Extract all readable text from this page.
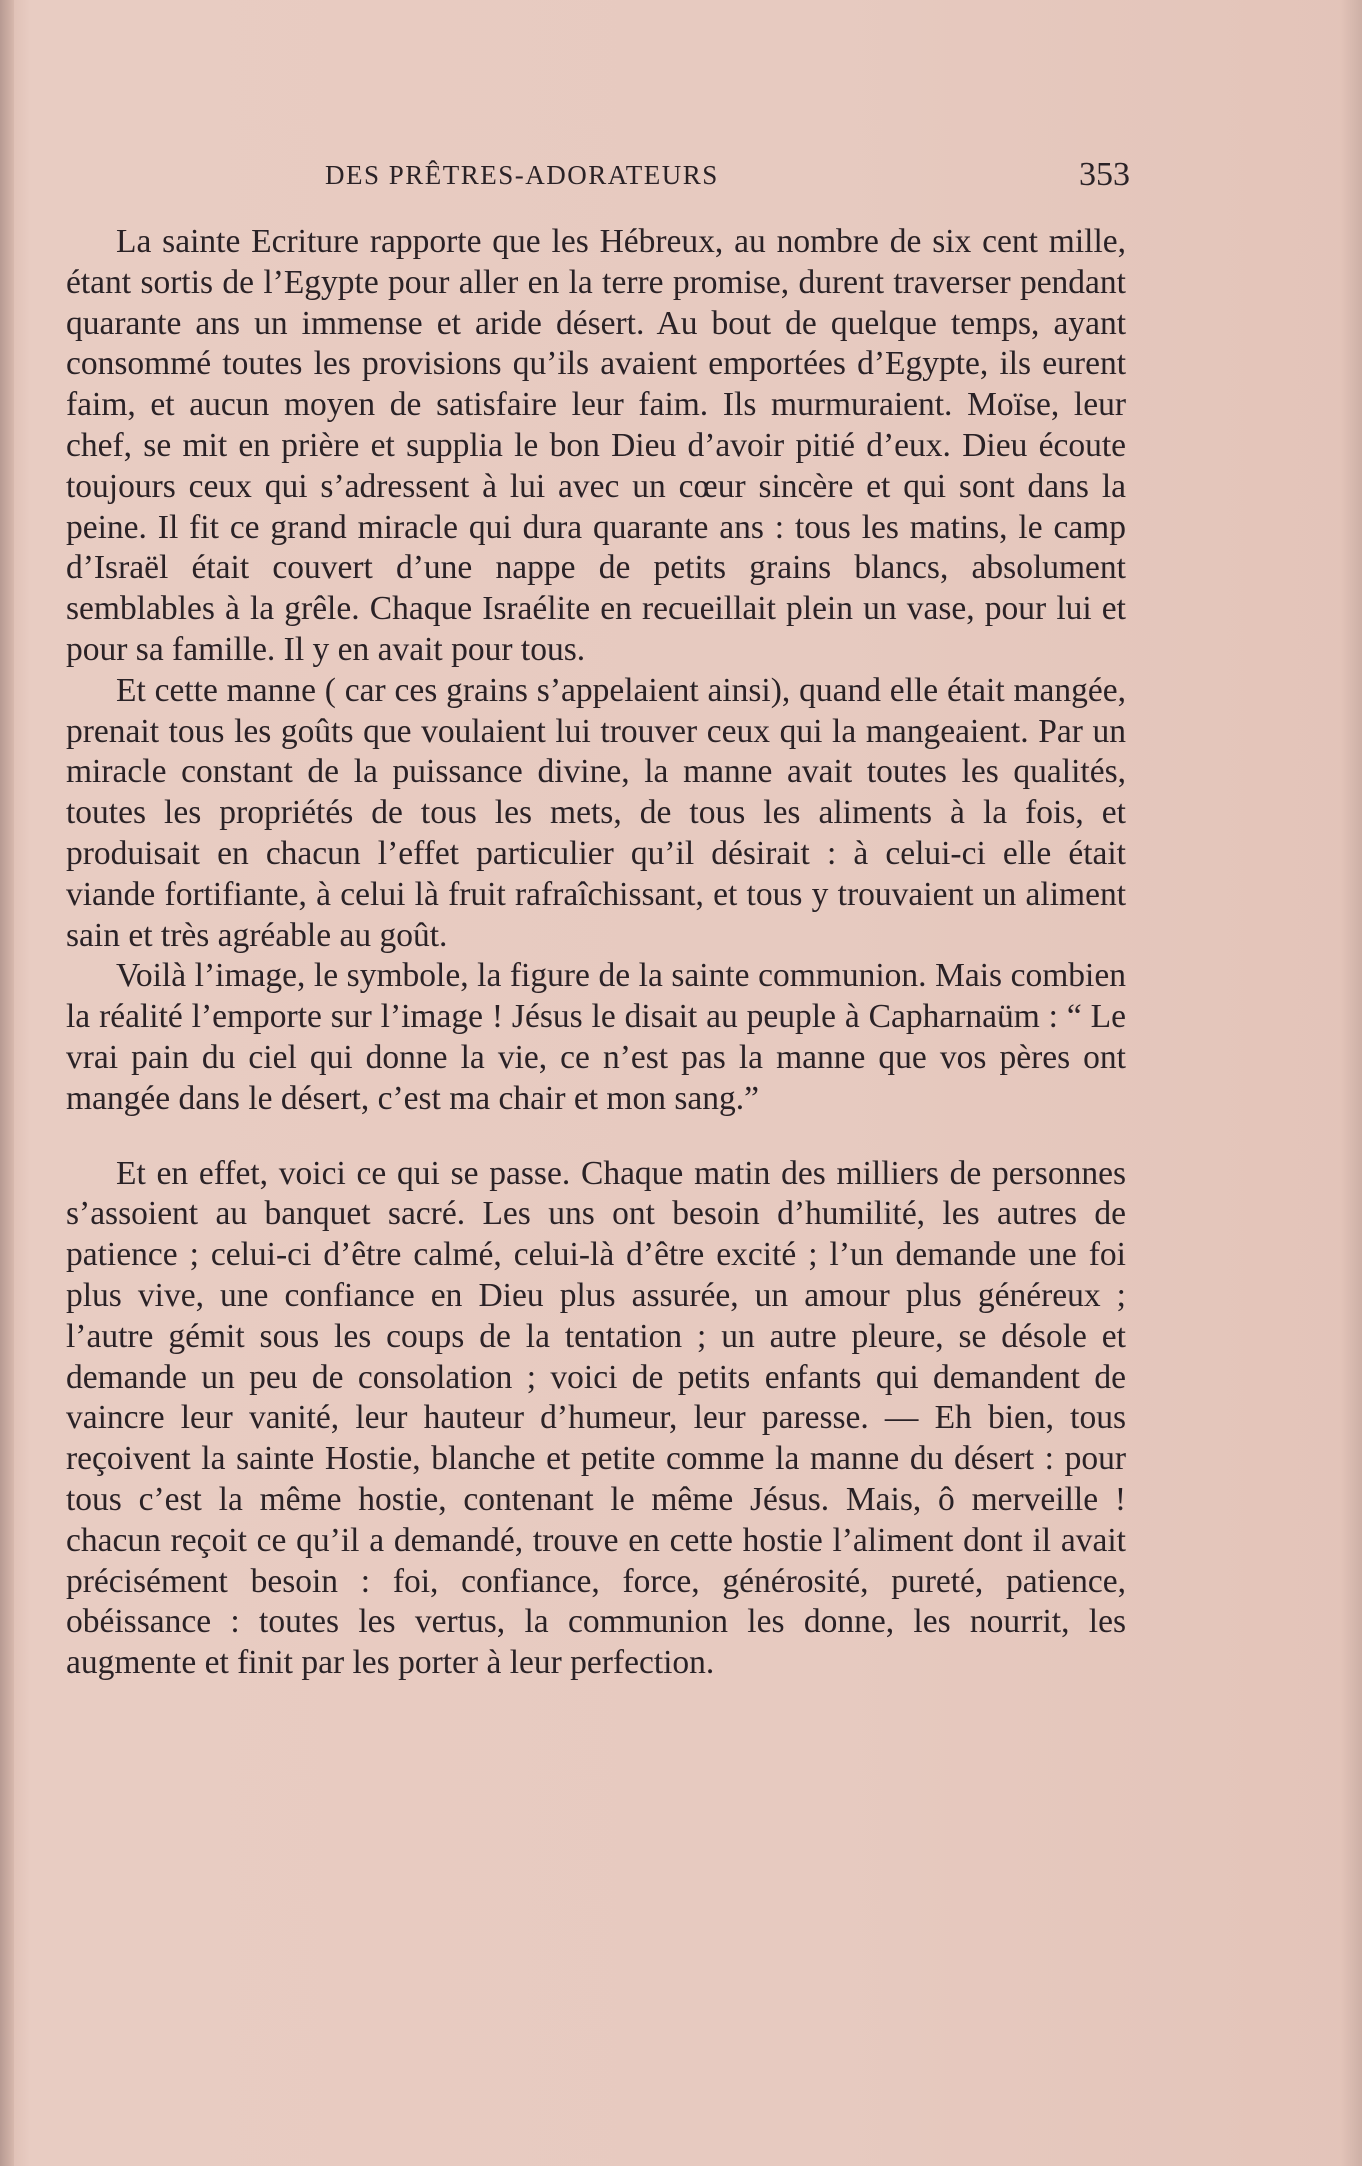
DES PRÊTRES-ADORATEURS	353

La sainte Ecriture rapporte que les Hébreux, au nombre de six cent mille, étant sortis de l’Egypte pour aller en la terre promise, durent traverser pendant quarante ans un immense et aride désert. Au bout de quelque temps, ayant consommé toutes les provisions qu’ils avaient emportées d’Egypte, ils eurent faim, et aucun moyen de satisfaire leur faim. Ils murmuraient. Moïse, leur chef, se mit en prière et supplia le bon Dieu d’avoir pitié d’eux. Dieu écoute toujours ceux qui s’adressent à lui avec un cœur sincère et qui sont dans la peine. Il fit ce grand miracle qui dura quarante ans : tous les matins, le camp d’Israël était couvert d’une nappe de petits grains blancs, absolument semblables à la grêle. Chaque Israélite en recueillait plein un vase, pour lui et pour sa famille. Il y en avait pour tous.

Et cette manne ( car ces grains s’appelaient ainsi), quand elle était mangée, prenait tous les goûts que voulaient lui trouver ceux qui la mangeaient. Par un miracle constant de la puissance divine, la manne avait toutes les qualités, toutes les propriétés de tous les mets, de tous les aliments à la fois, et produisait en chacun l’effet particulier qu’il désirait : à celui-ci elle était viande fortifiante, à celui là fruit rafraîchissant, et tous y trouvaient un aliment sain et très agréable au goût.

Voilà l’image, le symbole, la figure de la sainte communion. Mais combien la réalité l’emporte sur l’image ! Jésus le disait au peuple à Capharnaüm : “ Le vrai pain du ciel qui donne la vie, ce n’est pas la manne que vos pères ont mangée dans le désert, c’est ma chair et mon sang.”

Et en effet, voici ce qui se passe. Chaque matin des milliers de personnes s’assoient au banquet sacré. Les uns ont besoin d’humilité, les autres de patience ; celui-ci d’être calmé, celui-là d’être excité ; l’un demande une foi plus vive, une confiance en Dieu plus assurée, un amour plus généreux ; l’autre gémit sous les coups de la tentation ; un autre pleure, se désole et demande un peu de consolation ; voici de petits enfants qui demandent de vaincre leur vanité, leur hauteur d’humeur, leur paresse. — Eh bien, tous reçoivent la sainte Hostie, blanche et petite comme la manne du désert : pour tous c’est la même hostie, contenant le même Jésus. Mais, ô merveille ! chacun reçoit ce qu’il a demandé, trouve en cette hostie l’aliment dont il avait précisément besoin : foi, confiance, force, générosité, pureté, patience, obéissance : toutes les vertus, la communion les donne, les nourrit, les augmente et finit par les porter à leur perfection.
